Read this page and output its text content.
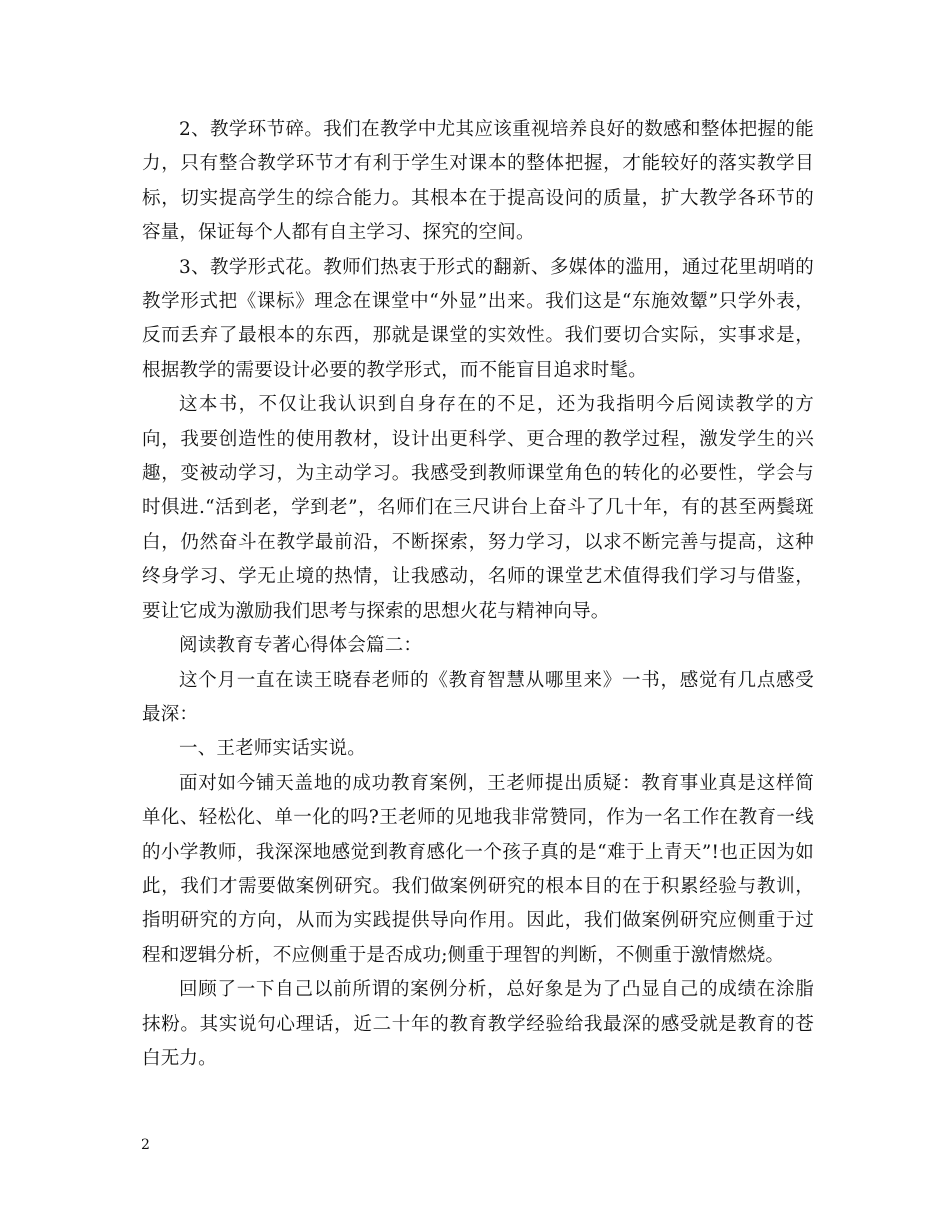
2、教学环节碎。我们在教学中尤其应该重视培养良好的数感和整体把握的能力，只有整合教学环节才有利于学生对课本的整体把握，才能较好的落实教学目标，切实提高学生的综合能力。其根本在于提高设问的质量，扩大教学各环节的容量，保证每个人都有自主学习、探究的空间。

3、教学形式花。教师们热衷于形式的翻新、多媒体的滥用，通过花里胡哨的教学形式把《课标》理念在课堂中“外显”出来。我们这是“东施效颦”只学外表，反而丢弃了最根本的东西，那就是课堂的实效性。我们要切合实际，实事求是，根据教学的需要设计必要的教学形式，而不能盲目追求时髦。

这本书，不仅让我认识到自身存在的不足，还为我指明今后阅读教学的方向，我要创造性的使用教材，设计出更科学、更合理的教学过程，激发学生的兴趣，变被动学习，为主动学习。我感受到教师课堂角色的转化的必要性，学会与时俱进.“活到老，学到老”，名师们在三尺讲台上奋斗了几十年，有的甚至两鬓斑白，仍然奋斗在教学最前沿，不断探索，努力学习，以求不断完善与提高，这种终身学习、学无止境的热情，让我感动，名师的课堂艺术值得我们学习与借鉴，要让它成为激励我们思考与探索的思想火花与精神向导。

阅读教育专著心得体会篇二：

这个月一直在读王晓春老师的《教育智慧从哪里来》一书，感觉有几点感受最深：

一、王老师实话实说。

面对如今铺天盖地的成功教育案例，王老师提出质疑：教育事业真是这样简单化、轻松化、单一化的吗?王老师的见地我非常赞同，作为一名工作在教育一线的小学教师，我深深地感觉到教育感化一个孩子真的是“难于上青天”!也正因为如此，我们才需要做案例研究。我们做案例研究的根本目的在于积累经验与教训，指明研究的方向，从而为实践提供导向作用。因此，我们做案例研究应侧重于过程和逻辑分析，不应侧重于是否成功;侧重于理智的判断，不侧重于激情燃烧。

回顾了一下自己以前所谓的案例分析，总好象是为了凸显自己的成绩在涂脂抹粉。其实说句心理话，近二十年的教育教学经验给我最深的感受就是教育的苍白无力。

2
